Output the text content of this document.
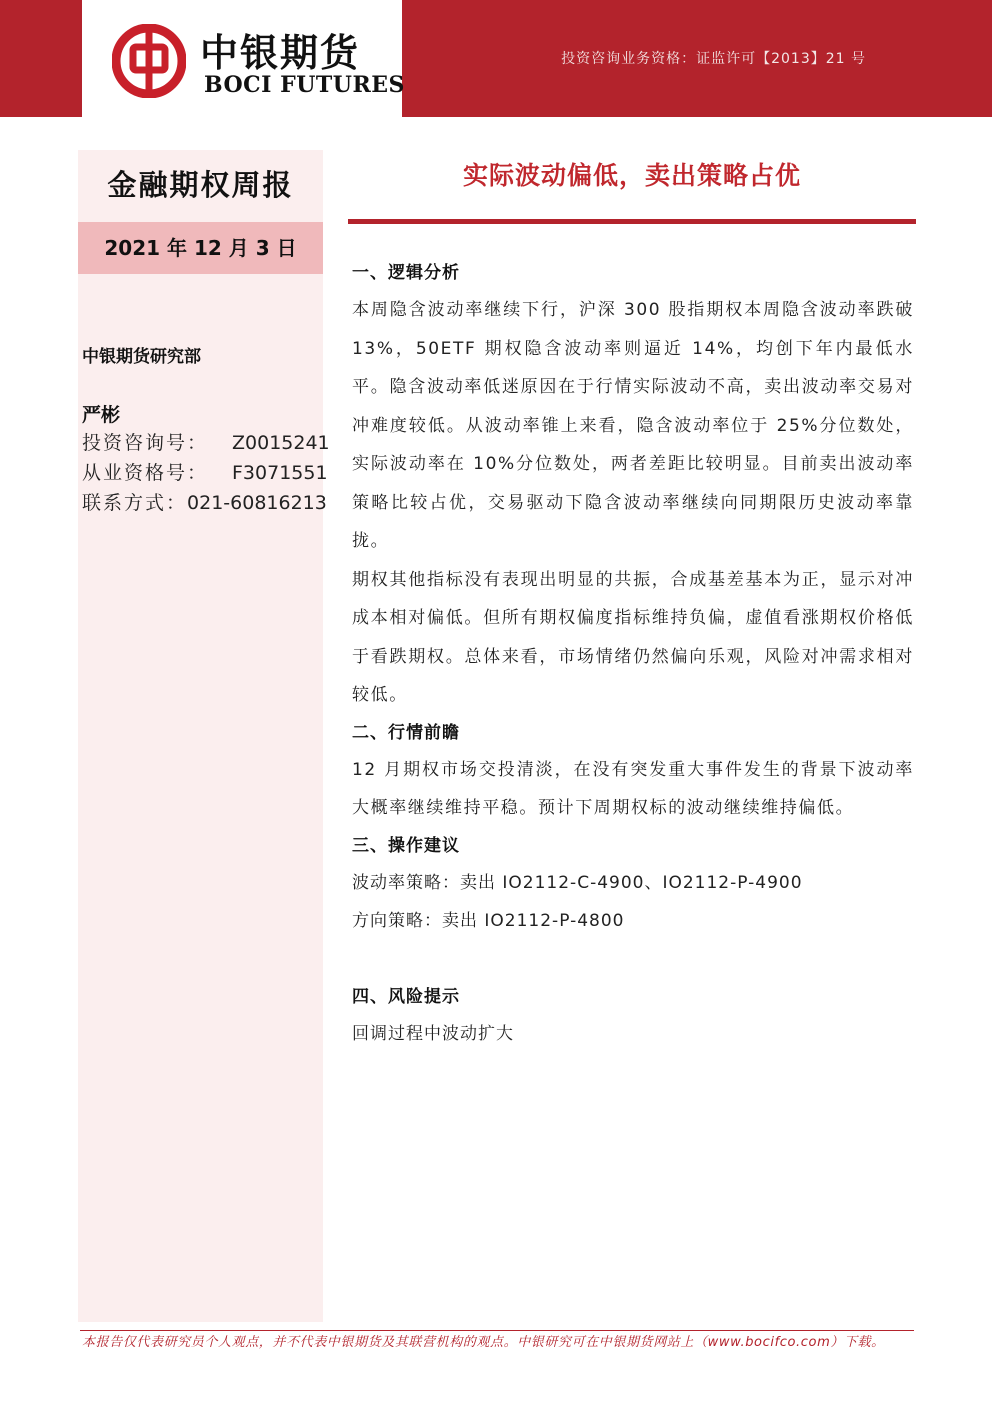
中银期货
BOCI FUTURES
投资咨询业务资格：证监许可【2013】21 号
金融期权周报
2021 年 12 月 3 日
中银期货研究部
严彬
投资咨询号： Z0015241
从业资格号： F3071551
联系方式：021-60816213
实际波动偏低，卖出策略占优
一、逻辑分析
本周隐含波动率继续下行，沪深 300 股指期权本周隐含波动率跌破 13%，50ETF 期权隐含波动率则逼近 14%，均创下年内最低水平。隐含波动率低迷原因在于行情实际波动不高，卖出波动率交易对冲难度较低。从波动率锥上来看，隐含波动率位于 25%分位数处，实际波动率在 10%分位数处，两者差距比较明显。目前卖出波动率策略比较占优，交易驱动下隐含波动率继续向同期限历史波动率靠拢。
期权其他指标没有表现出明显的共振，合成基差基本为正，显示对冲成本相对偏低。但所有期权偏度指标维持负偏，虚值看涨期权价格低于看跌期权。总体来看，市场情绪仍然偏向乐观，风险对冲需求相对较低。
二、行情前瞻
12 月期权市场交投清淡，在没有突发重大事件发生的背景下波动率大概率继续维持平稳。预计下周期权标的波动继续维持偏低。
三、操作建议
波动率策略：卖出 IO2112-C-4900、IO2112-P-4900
方向策略：卖出 IO2112-P-4800
四、风险提示
回调过程中波动扩大
本报告仅代表研究员个人观点，并不代表中银期货及其联营机构的观点。中银研究可在中银期货网站上（www.bocifco.com）下载。
